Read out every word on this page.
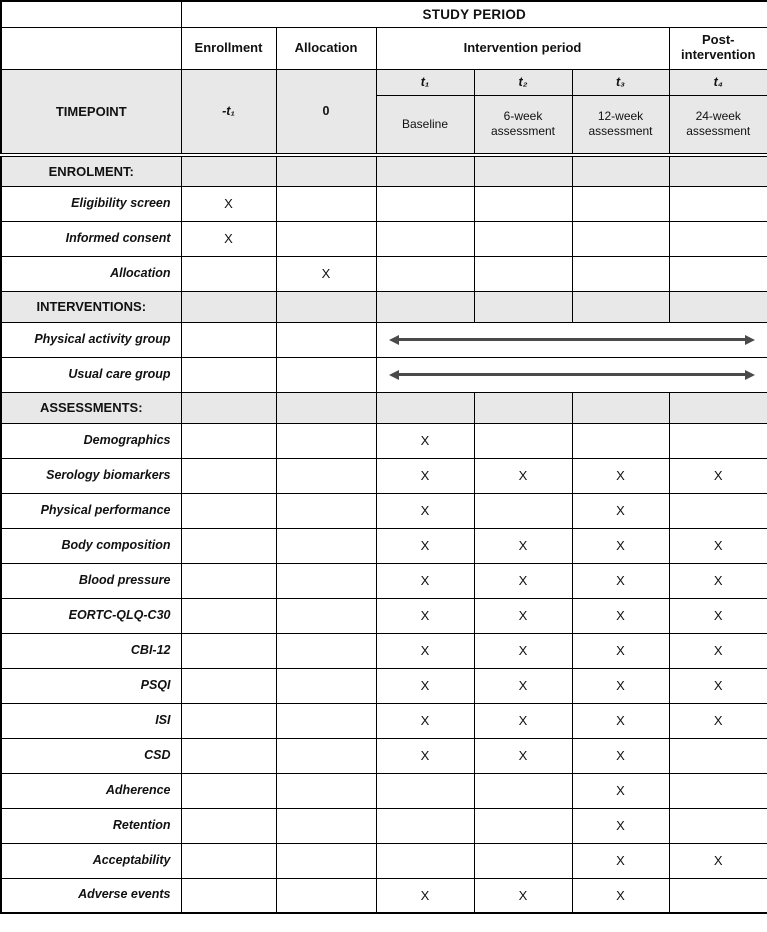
	STUDY PERIOD					
	Enrollment	Allocation	Intervention period			Post-intervention
TIMEPOINT	-t₁	0	t₁	t₂	t₃	t₄
			Baseline	6-week assessment	12-week assessment	24-week assessment
ENROLMENT:						
Eligibility screen	X					
Informed consent	X					
Allocation		X				
INTERVENTIONS:						
Physical activity group						

Usual care group						

ASSESSMENTS:						
Demographics			X			
Serology biomarkers			X	X	X	X
Physical performance			X		X	
Body composition			X	X	X	X
Blood pressure			X	X	X	X
EORTC-QLQ-C30			X	X	X	X
CBI-12			X	X	X	X
PSQI			X	X	X	X
ISI			X	X	X	X
CSD			X	X	X	
Adherence					X	
Retention					X	
Acceptability					X	X
Adverse events			X	X	X	
